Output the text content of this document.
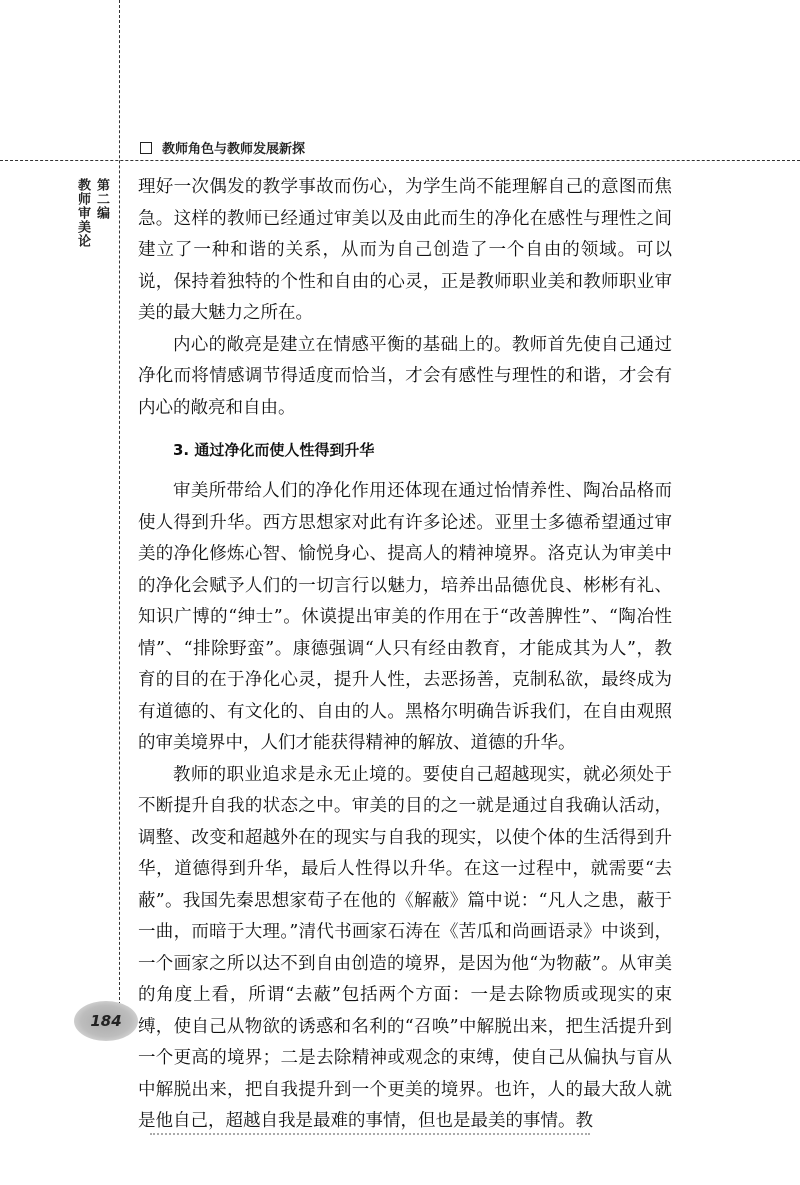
教师角色与教师发展新探
第二编
教师审美论	理好一次偶发的教学事故而伤心，为学生尚不能理解自己的意图而焦急。这样的教师已经通过审美以及由此而生的净化在感性与理性之间建立了一种和谐的关系，从而为自己创造了一个自由的领域。可以说，保持着独特的个性和自由的心灵，正是教师职业美和教师职业审美的最大魅力之所在。

内心的敞亮是建立在情感平衡的基础上的。教师首先使自己通过净化而将情感调节得适度而恰当，才会有感性与理性的和谐，才会有内心的敞亮和自由。

3. 通过净化而使人性得到升华

审美所带给人们的净化作用还体现在通过怡情养性、陶冶品格而使人得到升华。西方思想家对此有许多论述。亚里士多德希望通过审美的净化修炼心智、愉悦身心、提高人的精神境界。洛克认为审美中的净化会赋予人们的一切言行以魅力，培养出品德优良、彬彬有礼、知识广博的“绅士”。休谟提出审美的作用在于“改善脾性”、“陶冶性情”、“排除野蛮”。康德强调“人只有经由教育，才能成其为人”，教育的目的在于净化心灵，提升人性，去恶扬善，克制私欲，最终成为有道德的、有文化的、自由的人。黑格尔明确告诉我们，在自由观照的审美境界中，人们才能获得精神的解放、道德的升华。

教师的职业追求是永无止境的。要使自己超越现实，就必须处于不断提升自我的状态之中。审美的目的之一就是通过自我确认活动，调整、改变和超越外在的现实与自我的现实，以使个体的生活得到升华，道德得到升华，最后人性得以升华。在这一过程中，就需要“去蔽”。我国先秦思想家荀子在他的《解蔽》篇中说：“凡人之患，蔽于一曲，而暗于大理。”清代书画家石涛在《苦瓜和尚画语录》中谈到，一个画家之所以达不到自由创造的境界，是因为他“为物蔽”。从审美的角度上看，所谓“去蔽”包括两个方面：一是去除物质或现实的束缚，使自己从物欲的诱惑和名利的“召唤”中解脱出来，把生活提升到一个更高的境界；二是去除精神或观念的束缚，使自己从偏执与盲从中解脱出来，把自我提升到一个更美的境界。也许，人的最大敌人就是他自己，超越自我是最难的事情，但也是最美的事情。教

184
